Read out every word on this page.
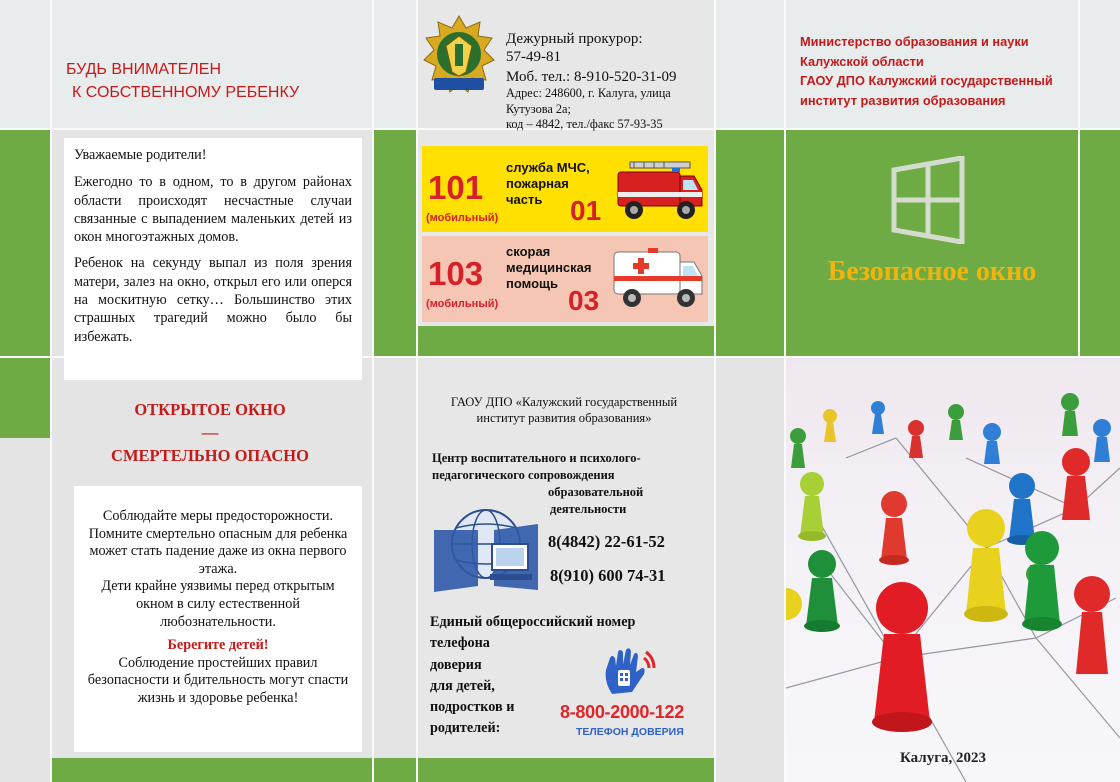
БУДЬ ВНИМАТЕЛЕН
К СОБСТВЕННОМУ РЕБЕНКУ

Уважаемые родители!

Ежегодно то в одном, то в другом районах области происходят несчастные случаи связанные с выпадением маленьких детей из окон многоэтажных домов.

Ребенок на секунду выпал из поля зрения матери, залез на окно, открыл его или оперся на москитную сетку… Большинство этих страшных трагедий можно было бы избежать.

ОТКРЫТОЕ ОКНО
—
СМЕРТЕЛЬНО ОПАСНО

Соблюдайте меры предосторожности.

Помните смертельно опасным для ребенка может стать падение даже из окна первого этажа.

Дети крайне уязвимы перед открытым окном в силу естественной любознательности.

Берегите детей!

Соблюдение простейших правил безопасности и бдительность могут спасти жизнь и здоровье ребенка!

Дежурный прокурор:
57-49-81
Моб. тел.: 8-910-520-31-09
Адрес: 248600, г. Калуга, улица Кутузова 2а;
код – 4842, тел./факс 57-93-35
101
(мобильный)
служба МЧС, пожарная часть 01
103
(мобильный)
скорая медицинская помощь
03
ГАОУ ДПО «Калужский государственный институт развития образования»
Центр воспитательного и психолого-
педагогического сопровождения
образовательной
деятельности
8(4842) 22-61-52
8(910) 600 74-31
Единый общероссийский номер
телефона
доверия
для детей,
подростков и
родителей:
8-800-2000-122
ТЕЛЕФОН ДОВЕРИЯ
Министерство образования и науки
Калужской области
ГАОУ ДПО Калужский государственный
институт развития образования
Безопасное окно
Калуга, 2023
